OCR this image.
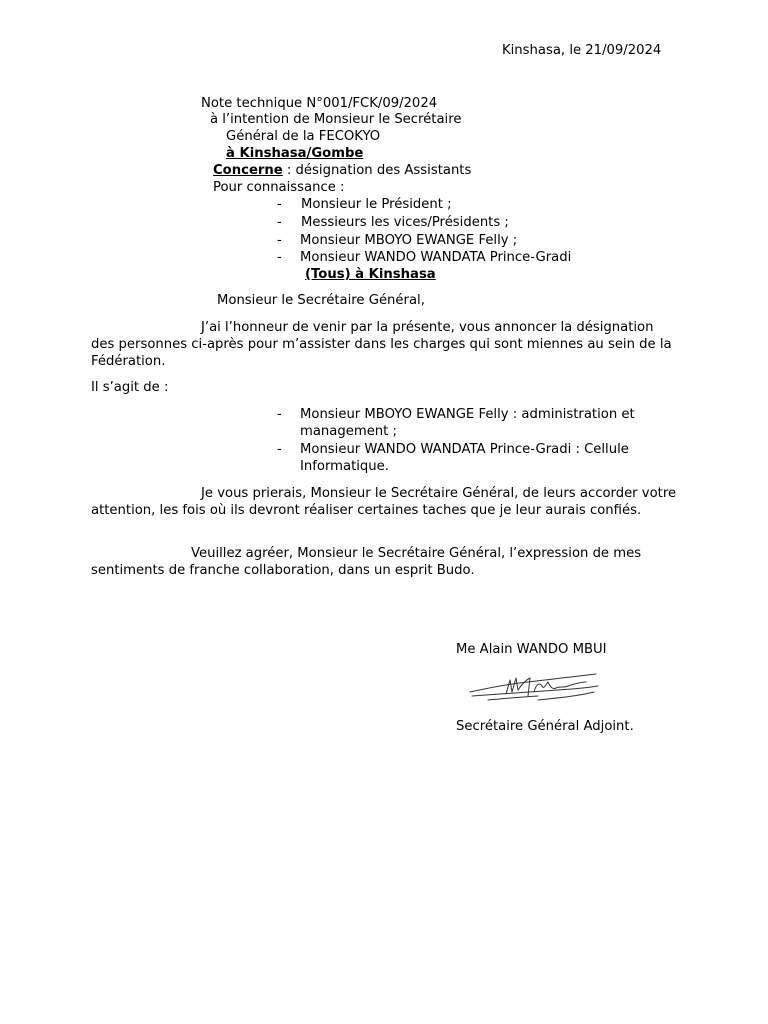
Kinshasa, le 21/09/2024
Note technique N°001/FCK/09/2024
à l’intention de Monsieur le Secrétaire
Général de la FECOKYO
à Kinshasa/Gombe
Concerne : désignation des Assistants
Pour connaissance :
- Monsieur le Président ;
- Messieurs les vices/Présidents ;
- Monsieur MBOYO EWANGE Felly ;
- Monsieur WANDO WANDATA Prince-Gradi
(Tous) à Kinshasa
Monsieur le Secrétaire Général,
J’ai l’honneur de venir par la présente, vous annoncer la désignation des personnes ci-après pour m’assister dans les charges qui sont miennes au sein de la Fédération.
Il s’agit de :
- Monsieur MBOYO EWANGE Felly : administration et management ;
- Monsieur WANDO WANDATA Prince-Gradi : Cellule Informatique.
Je vous prierais, Monsieur le Secrétaire Général, de leurs accorder votre attention, les fois où ils devront réaliser certaines taches que je leur aurais confiés.
Veuillez agréer, Monsieur le Secrétaire Général, l’expression de mes sentiments de franche collaboration, dans un esprit Budo.
Me Alain WANDO MBUI
Secrétaire Général Adjoint.
